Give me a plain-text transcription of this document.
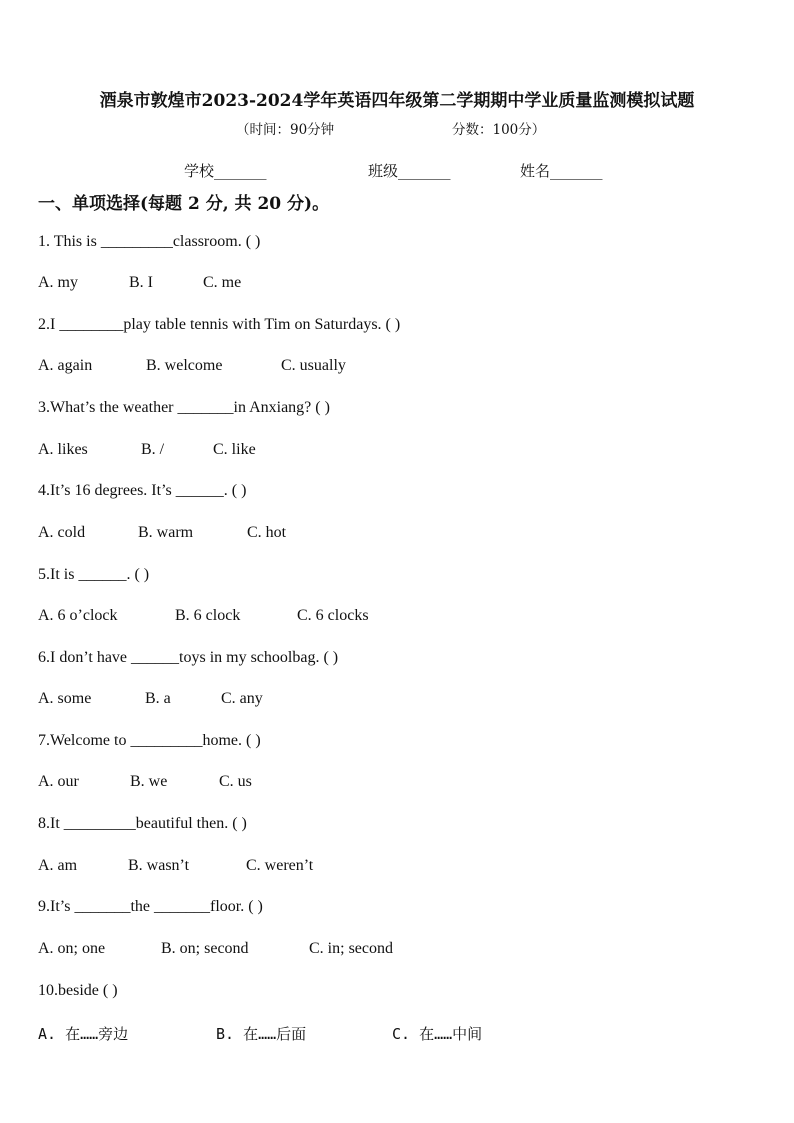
酒泉市敦煌市2023-2024学年英语四年级第二学期期中学业质量监测模拟试题
（时间：90分钟	分数：100分）
学校_______	班级_______	姓名_______
一、单项选择(每题 2 分, 共 20 分)。
1. This is _________classroom. ( )
A. my	B. I	C. me
2.I ________play table tennis with Tim on Saturdays. ( )
A. again	B. welcome	C. usually
3.What’s the weather _______in Anxiang? ( )
A. likes	B. /	C. like
4.It’s 16 degrees. It’s ______. ( )
A. cold	B. warm	C. hot
5.It is ______. ( )
A. 6 o’clock	B. 6 clock	C. 6 clocks
6.I don’t have ______toys in my schoolbag. ( )
A. some	B. a	C. any
7.Welcome to _________home. ( )
A. our	B. we	C. us
8.It _________beautiful then. ( )
A. am	B. wasn’t	C. weren’t
9.It’s _______the _______floor. ( )
A. on; one	B. on; second	C. in; second
10.beside ( )
A. 在……旁边	B. 在……后面	C. 在……中间
